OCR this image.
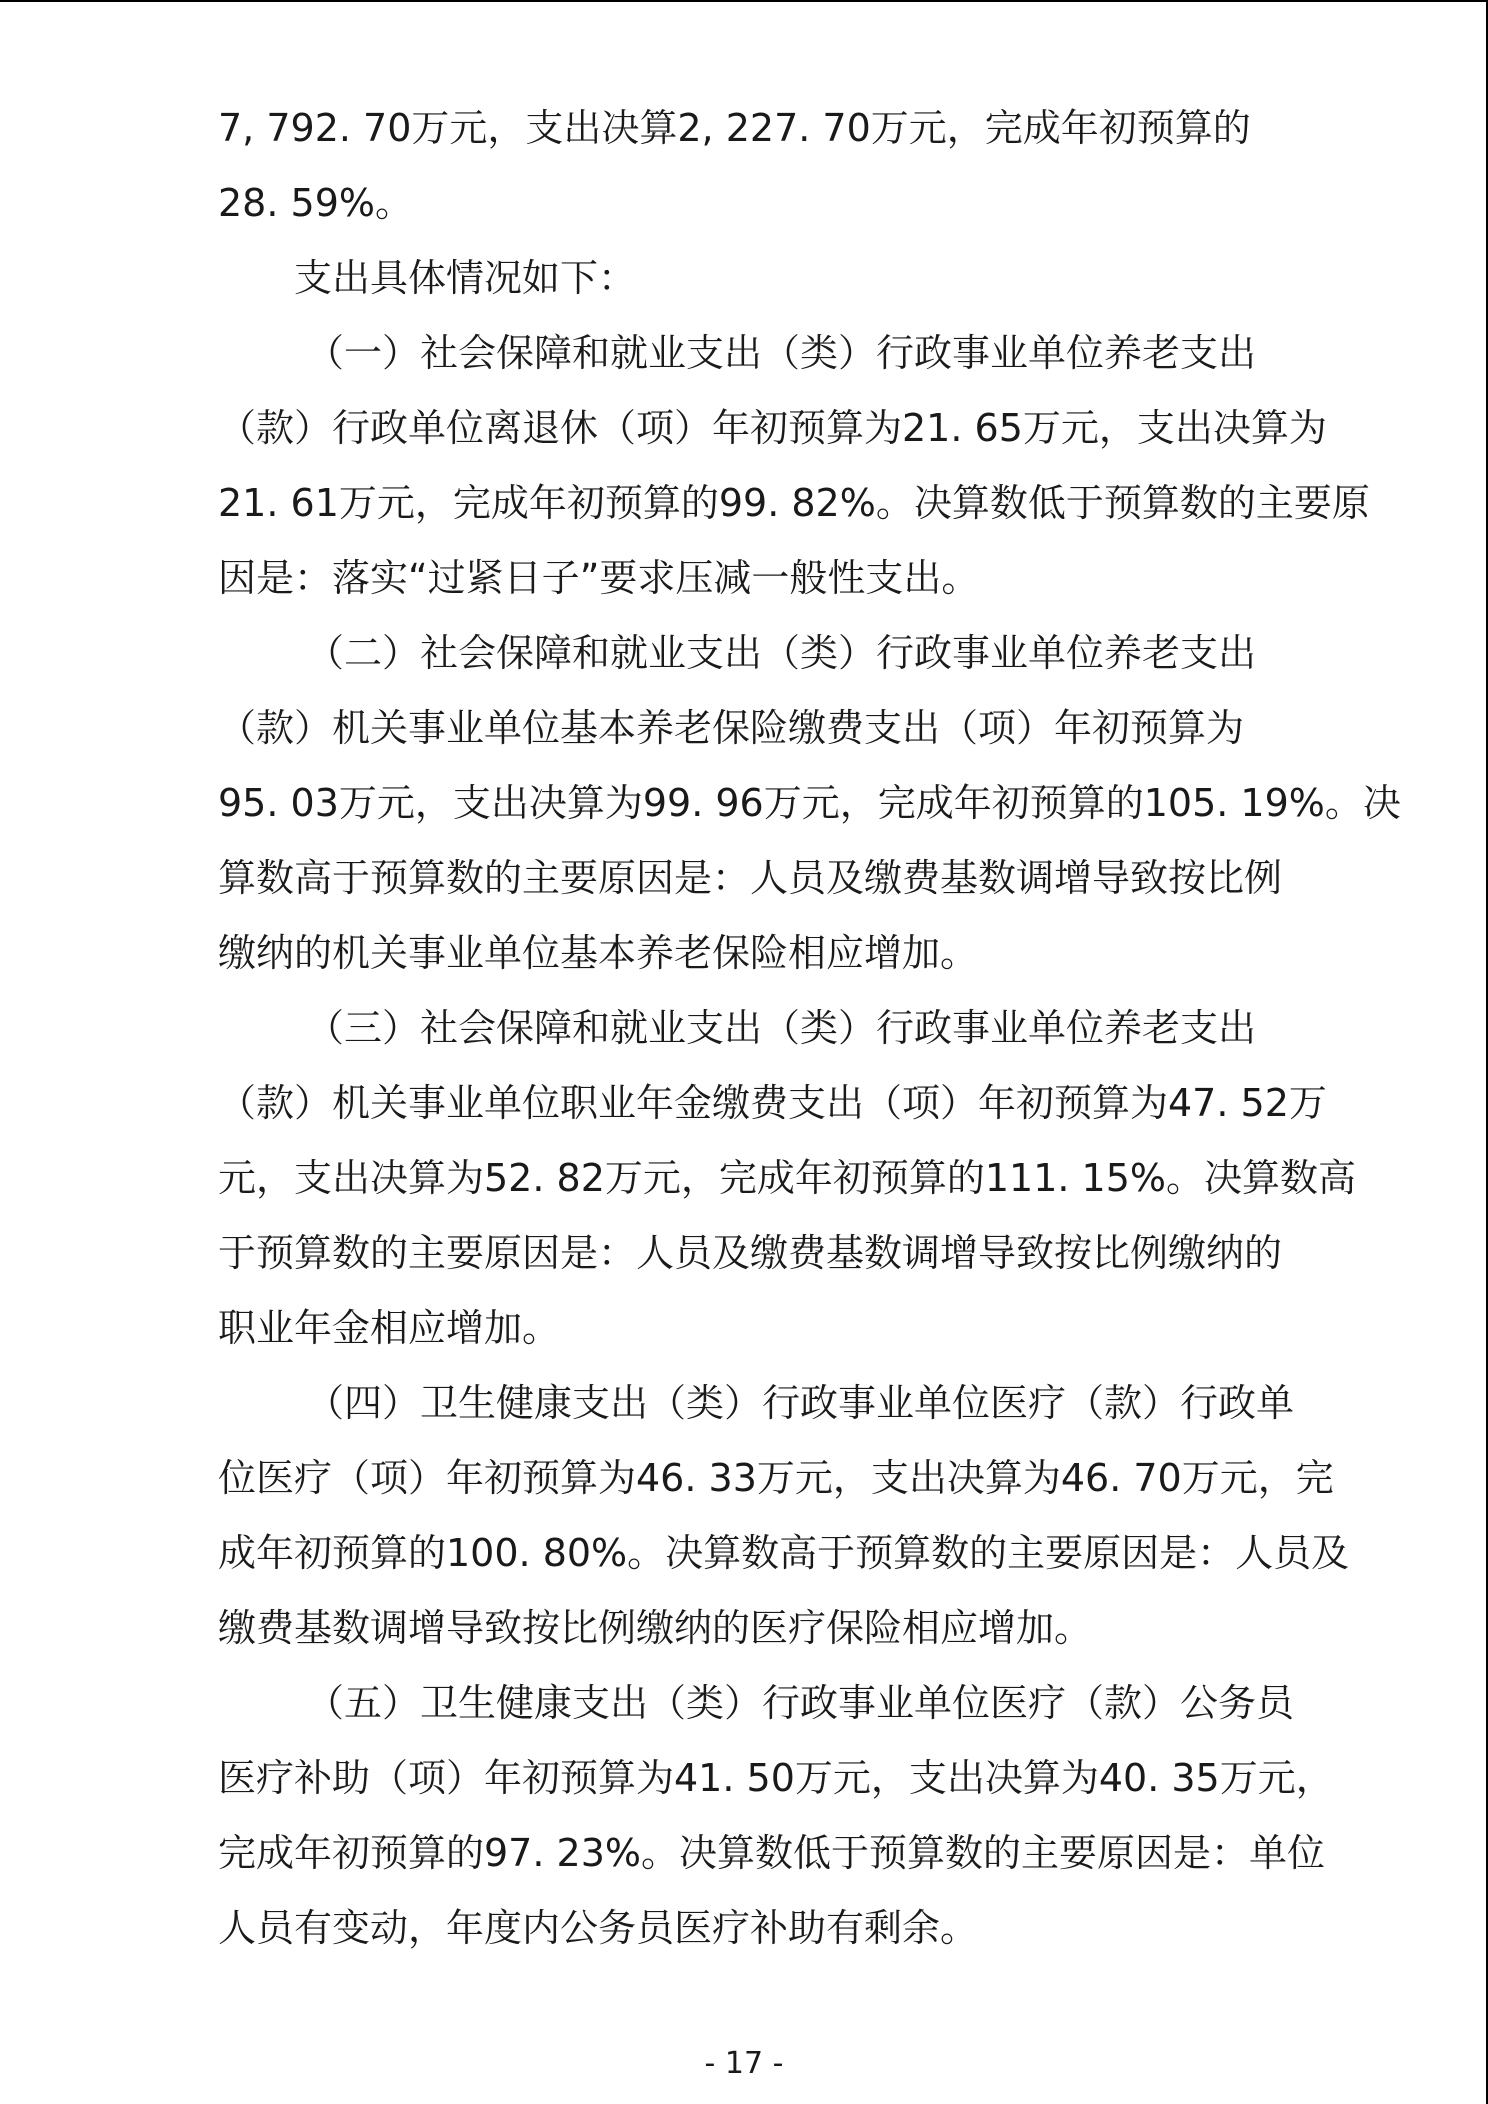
7, 792. 70万元，支出决算2, 227. 70万元，完成年初预算的
28. 59%。
支出具体情况如下：
（一）社会保障和就业支出（类）行政事业单位养老支出
（款）行政单位离退休（项）年初预算为21. 65万元，支出决算为
21. 61万元，完成年初预算的99. 82%。决算数低于预算数的主要原
因是：落实“过紧日子”要求压减一般性支出。
（二）社会保障和就业支出（类）行政事业单位养老支出
（款）机关事业单位基本养老保险缴费支出（项）年初预算为
95. 03万元，支出决算为99. 96万元，完成年初预算的105. 19%。决
算数高于预算数的主要原因是：人员及缴费基数调增导致按比例
缴纳的机关事业单位基本养老保险相应增加。
（三）社会保障和就业支出（类）行政事业单位养老支出
（款）机关事业单位职业年金缴费支出（项）年初预算为47. 52万
元，支出决算为52. 82万元，完成年初预算的111. 15%。决算数高
于预算数的主要原因是：人员及缴费基数调增导致按比例缴纳的
职业年金相应增加。
（四）卫生健康支出（类）行政事业单位医疗（款）行政单
位医疗（项）年初预算为46. 33万元，支出决算为46. 70万元，完
成年初预算的100. 80%。决算数高于预算数的主要原因是：人员及
缴费基数调增导致按比例缴纳的医疗保险相应增加。
（五）卫生健康支出（类）行政事业单位医疗（款）公务员
医疗补助（项）年初预算为41. 50万元，支出决算为40. 35万元，
完成年初预算的97. 23%。决算数低于预算数的主要原因是：单位
人员有变动，年度内公务员医疗补助有剩余。
- 17 -
